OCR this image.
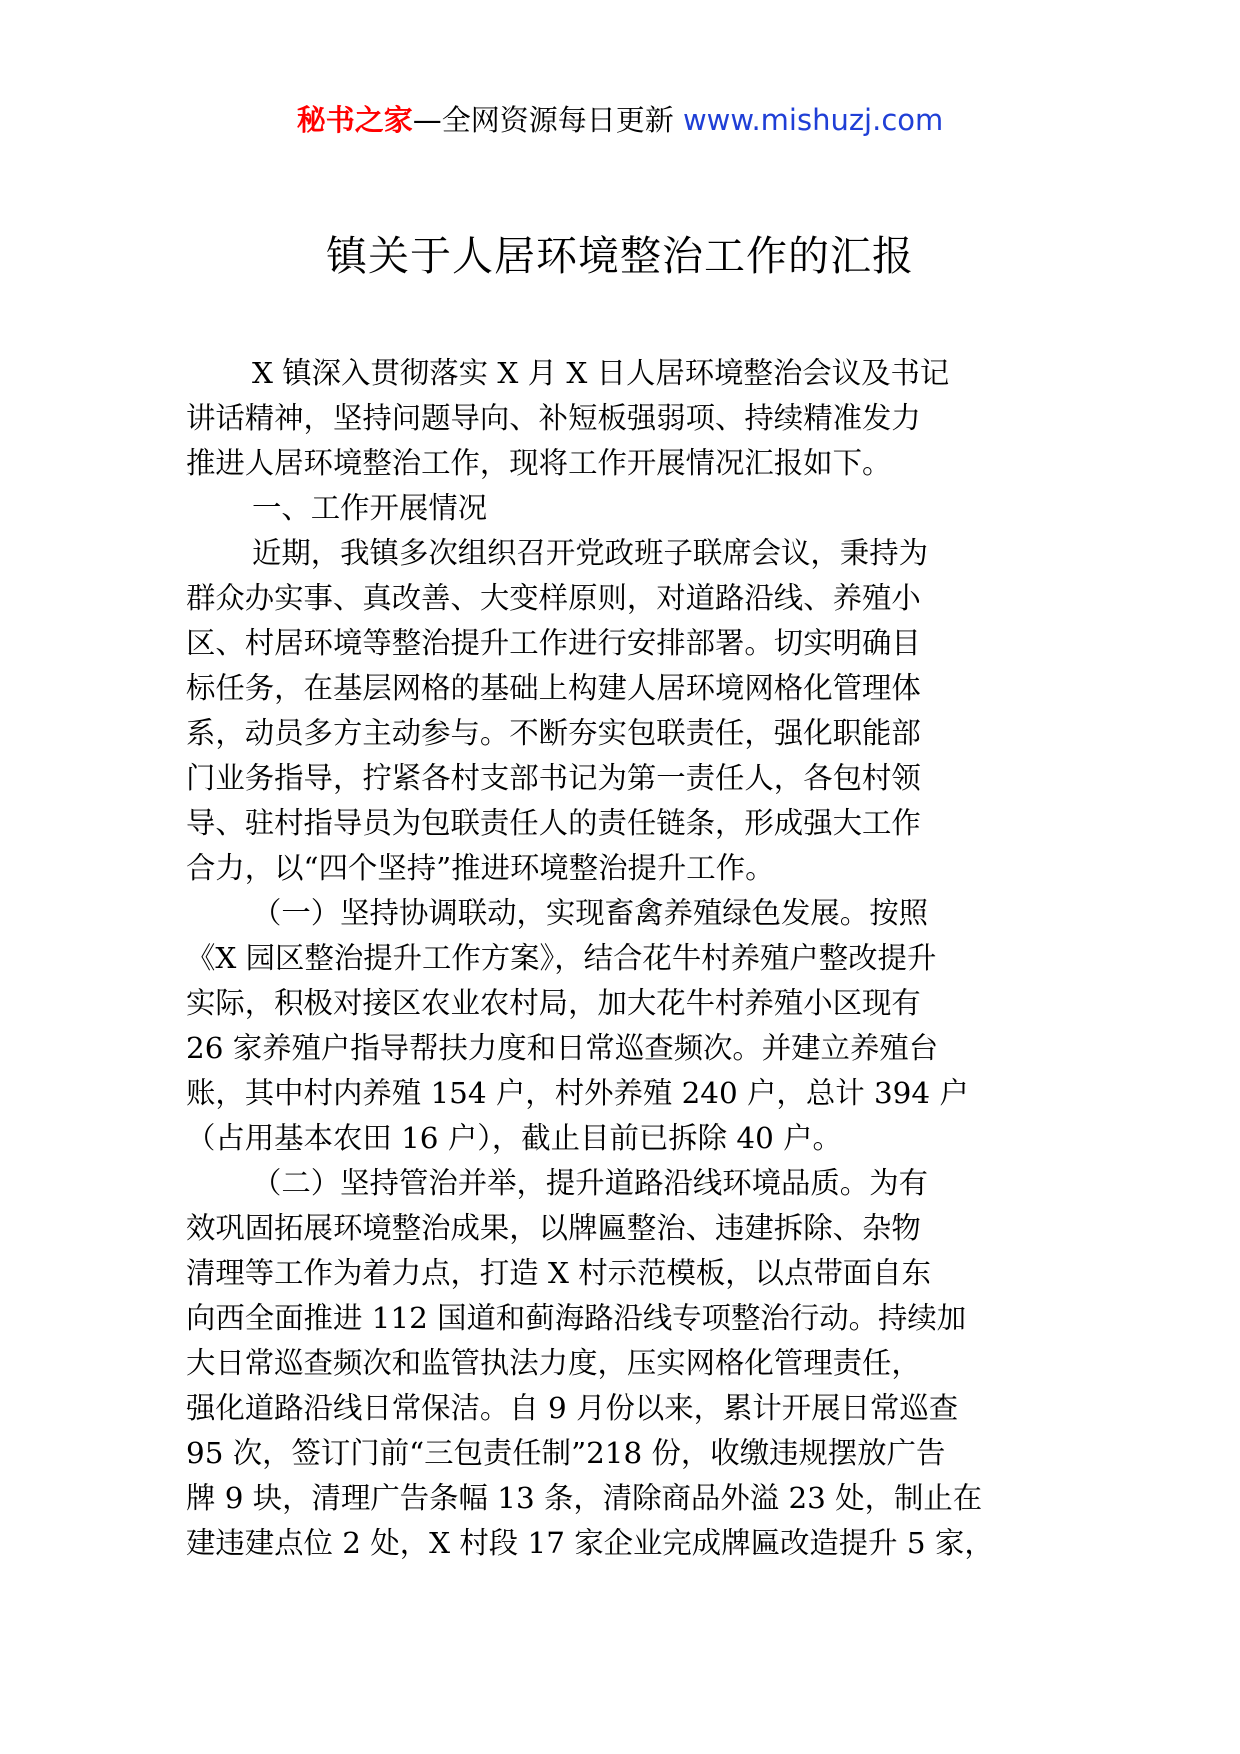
秘书之家—全网资源每日更新 www.mishuzj.com
镇关于人居环境整治工作的汇报
X 镇深入贯彻落实 X 月 X 日人居环境整治会议及书记
讲话精神，坚持问题导向、补短板强弱项、持续精准发力
推进人居环境整治工作，现将工作开展情况汇报如下。
一、工作开展情况
近期，我镇多次组织召开党政班子联席会议，秉持为
群众办实事、真改善、大变样原则，对道路沿线、养殖小
区、村居环境等整治提升工作进行安排部署。切实明确目
标任务，在基层网格的基础上构建人居环境网格化管理体
系，动员多方主动参与。不断夯实包联责任，强化职能部
门业务指导，拧紧各村支部书记为第一责任人，各包村领
导、驻村指导员为包联责任人的责任链条，形成强大工作
合力，以“四个坚持”推进环境整治提升工作。
（一）坚持协调联动，实现畜禽养殖绿色发展。按照
《X 园区整治提升工作方案》，结合花牛村养殖户整改提升
实际，积极对接区农业农村局，加大花牛村养殖小区现有
26 家养殖户指导帮扶力度和日常巡查频次。并建立养殖台
账，其中村内养殖 154 户，村外养殖 240 户，总计 394 户
（占用基本农田 16 户），截止目前已拆除 40 户。
（二）坚持管治并举，提升道路沿线环境品质。为有
效巩固拓展环境整治成果，以牌匾整治、违建拆除、杂物
清理等工作为着力点，打造 X 村示范模板，以点带面自东
向西全面推进 112 国道和蓟海路沿线专项整治行动。持续加
大日常巡查频次和监管执法力度，压实网格化管理责任，
强化道路沿线日常保洁。自 9 月份以来，累计开展日常巡查
95 次，签订门前“三包责任制”218 份，收缴违规摆放广告
牌 9 块，清理广告条幅 13 条，清除商品外溢 23 处，制止在
建违建点位 2 处，X 村段 17 家企业完成牌匾改造提升 5 家，
